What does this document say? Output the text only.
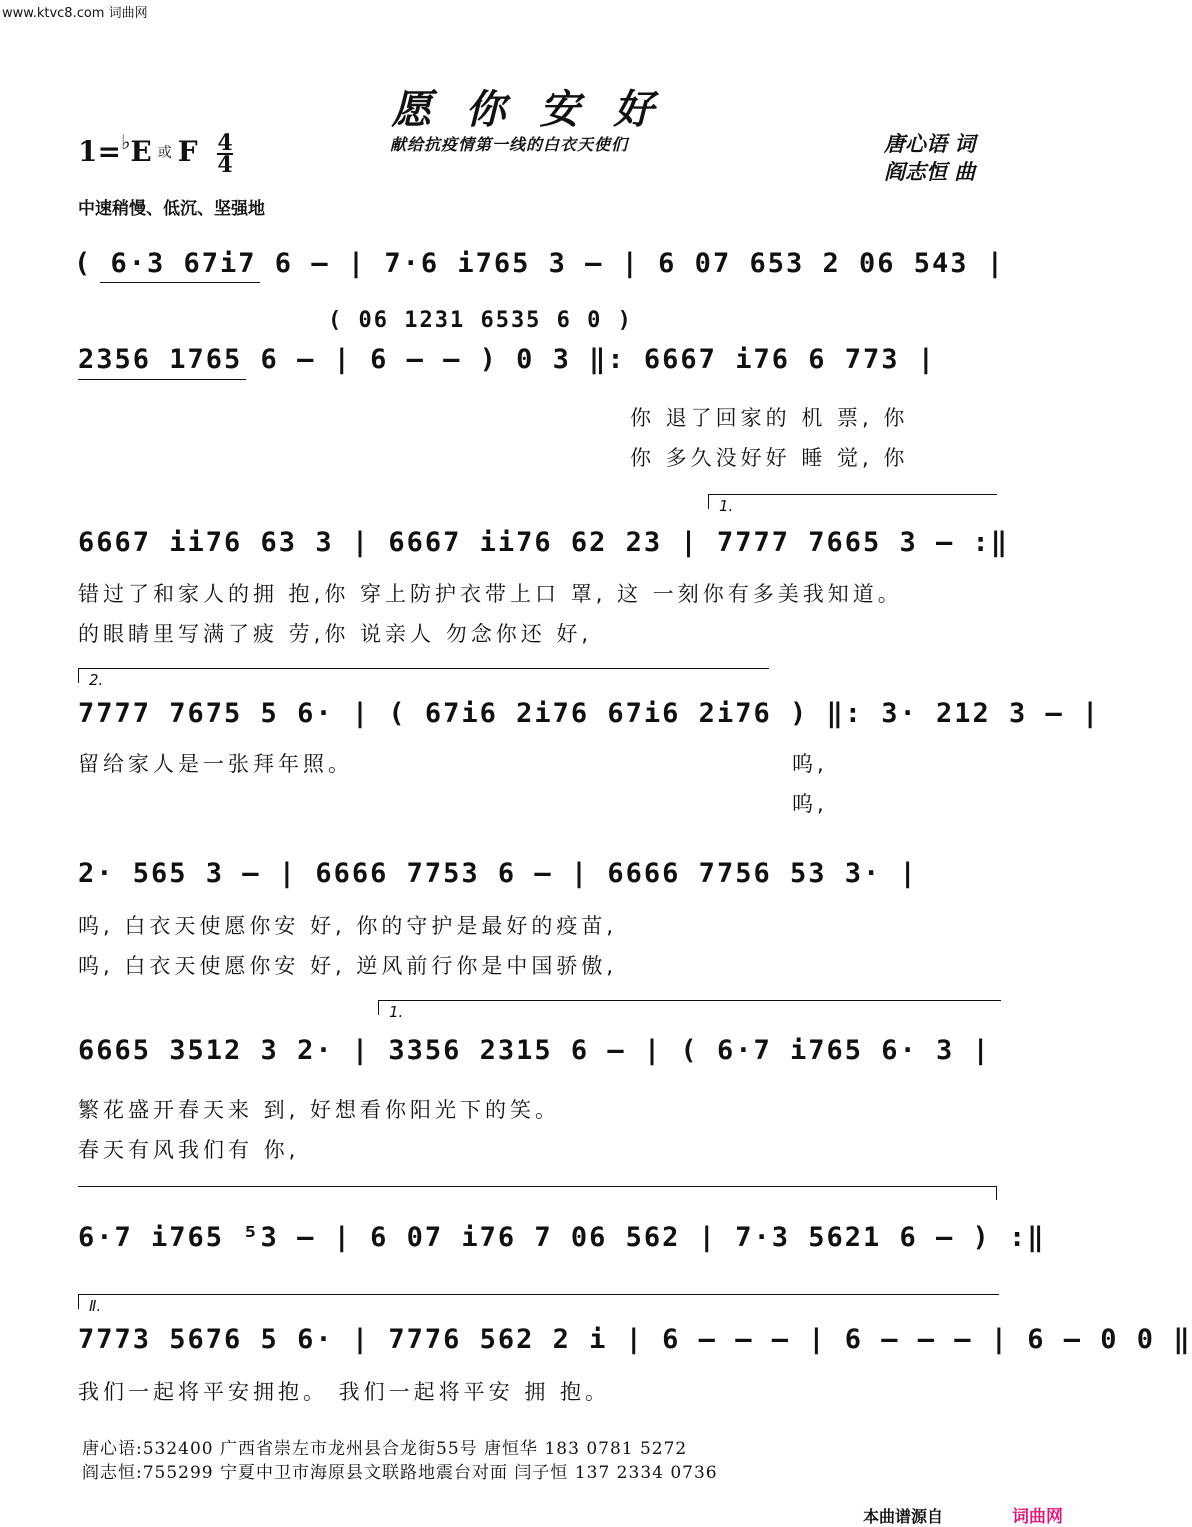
www.ktvc8.com 词曲网
愿你安好
献给抗疫情第一线的白衣天使们
1=♭E 或 F $\frac{4}{4}$	唐心语 词
阎志恒 曲
中速稍慢、低沉、坚强地
( 6·3 67i7 6 – | 7·6 i765 3 – | 6 07 653 2 06 543 |
( 06 1231 6535 6 0 )
2356 1765 6 – | 6 – – ) 0 3 ‖: 6667 i76 6 773 |
你 退了回家的 机 票, 你
你 多久没好好 睡 觉, 你
1.
6667 ii76 63 3 | 6667 ii76 62 23 | 7777 7665 3 – :‖
错过了和家人的拥 抱,你 穿上防护衣带上口 罩, 这 一刻你有多美我知道。
的眼睛里写满了疲 劳,你 说亲人 勿念你还 好,
2.
7777 7675 5 6· | ( 67i6 2i76 67i6 2i76 ) ‖: 3· 212 3 – |
留给家人是一张拜年照。	呜,
呜,
2· 565 3 – | 6666 7753 6 – | 6666 7756 53 3· |
呜, 白衣天使愿你安 好, 你的守护是最好的疫苗,
呜, 白衣天使愿你安 好, 逆风前行你是中国骄傲,
1.
6665 3512 3 2· | 3356 2315 6 – | ( 6·7 i765 6· 3 |
繁花盛开春天来 到, 好想看你阳光下的笑。
春天有风我们有 你,
6·7 i765 ⁵3 – | 6 07 i76 7 06 562 | 7·3 5621 6 – ) :‖
Ⅱ.
7773 5676 5 6· | 7776 562 2 i | 6 – – – | 6 – – – | 6 – 0 0 ‖
我们一起将平安拥抱。 我们一起将平安 拥 抱。
唐心语:532400 广西省崇左市龙州县合龙街55号 唐恒华 183 0781 5272
阎志恒:755299 宁夏中卫市海原县文联路地震台对面 闫子恒 137 2334 0736
本曲谱源自	词曲网
